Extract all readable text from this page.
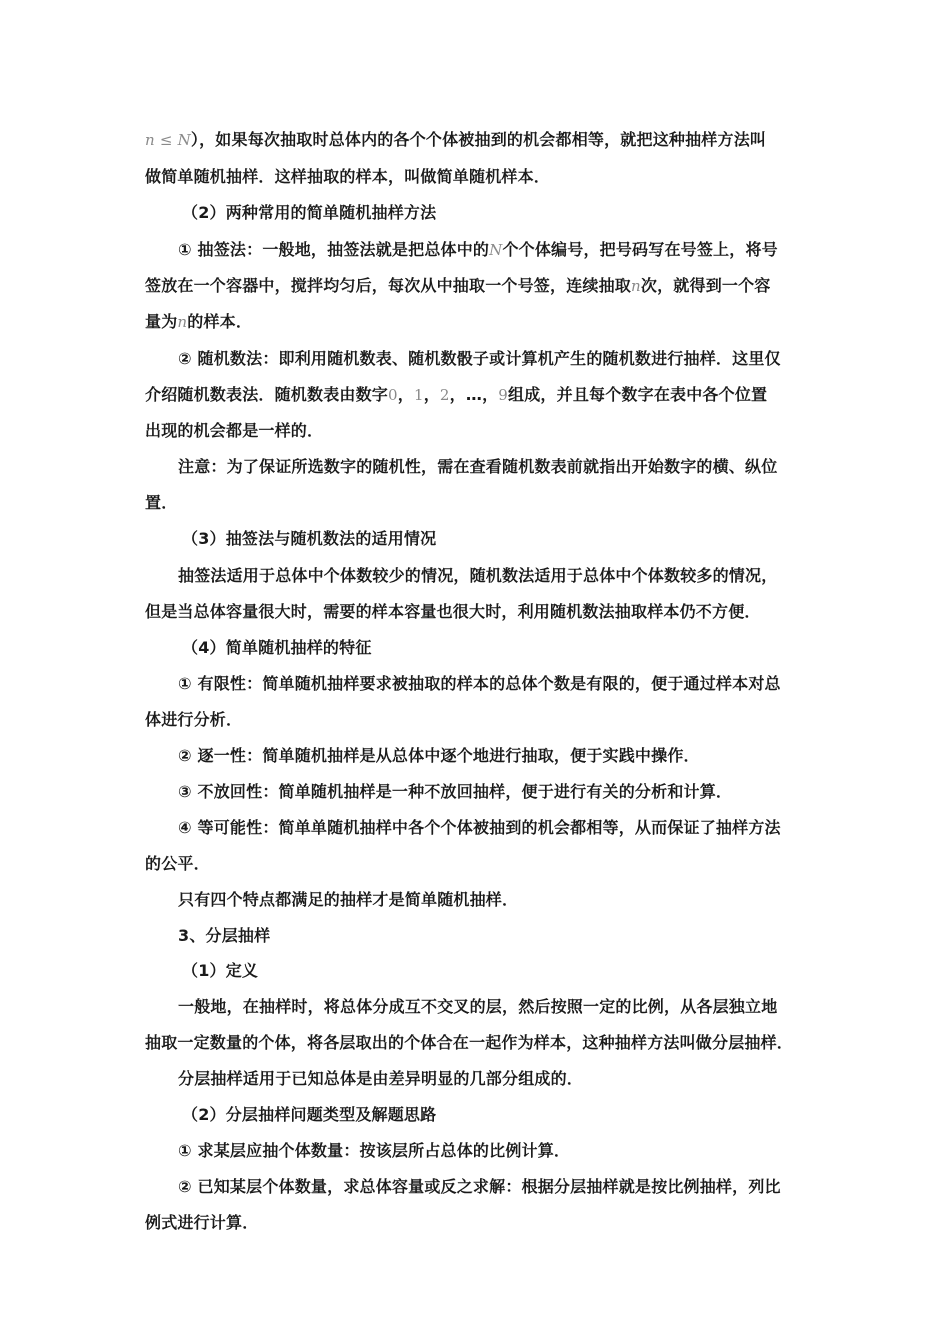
n ≤ N），如果每次抽取时总体内的各个个体被抽到的机会都相等，就把这种抽样方法叫
做简单随机抽样．这样抽取的样本，叫做简单随机样本．
（2）两种常用的简单随机抽样方法
① 抽签法：一般地，抽签法就是把总体中的N个个体编号，把号码写在号签上，将号
签放在一个容器中，搅拌均匀后，每次从中抽取一个号签，连续抽取n次，就得到一个容
量为n的样本．
② 随机数法：即利用随机数表、随机数骰子或计算机产生的随机数进行抽样．这里仅
介绍随机数表法．随机数表由数字0，1，2，…，9组成，并且每个数字在表中各个位置
出现的机会都是一样的．
注意：为了保证所选数字的随机性，需在查看随机数表前就指出开始数字的横、纵位
置．
（3）抽签法与随机数法的适用情况
抽签法适用于总体中个体数较少的情况，随机数法适用于总体中个体数较多的情况，
但是当总体容量很大时，需要的样本容量也很大时，利用随机数法抽取样本仍不方便．
（4）简单随机抽样的特征
① 有限性：简单随机抽样要求被抽取的样本的总体个数是有限的，便于通过样本对总
体进行分析．
② 逐一性：简单随机抽样是从总体中逐个地进行抽取，便于实践中操作．
③ 不放回性：简单随机抽样是一种不放回抽样，便于进行有关的分析和计算．
④ 等可能性：简单单随机抽样中各个个体被抽到的机会都相等，从而保证了抽样方法
的公平．
只有四个特点都满足的抽样才是简单随机抽样．
3、分层抽样
（1）定义
一般地，在抽样时，将总体分成互不交叉的层，然后按照一定的比例，从各层独立地
抽取一定数量的个体，将各层取出的个体合在一起作为样本，这种抽样方法叫做分层抽样．
分层抽样适用于已知总体是由差异明显的几部分组成的．
（2）分层抽样问题类型及解题思路
① 求某层应抽个体数量：按该层所占总体的比例计算．
② 已知某层个体数量，求总体容量或反之求解：根据分层抽样就是按比例抽样，列比
例式进行计算．
